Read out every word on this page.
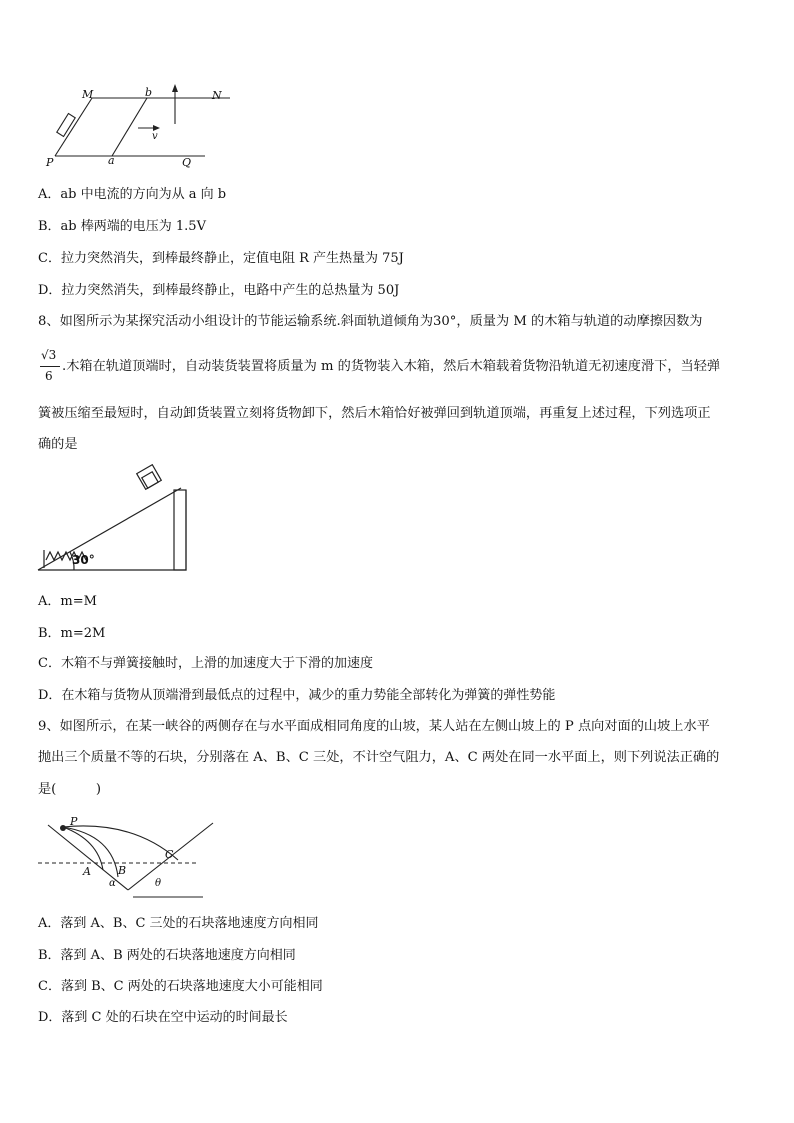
M	b	N
v
P	a	Q
A．ab 中电流的方向为从 a 向 b
B．ab 棒两端的电压为 1.5V
C．拉力突然消失，到棒最终静止，定值电阻 R 产生热量为 75J
D．拉力突然消失，到棒最终静止，电路中产生的总热量为 50J
8、如图所示为某探究活动小组设计的节能运输系统.斜面轨道倾角为30°，质量为 M 的木箱与轨道的动摩擦因数为
√3
6
.木箱在轨道顶端时，自动装货装置将质量为 m 的货物装入木箱，然后木箱载着货物沿轨道无初速度滑下，当轻弹
簧被压缩至最短时，自动卸货装置立刻将货物卸下，然后木箱恰好被弹回到轨道顶端，再重复上述过程，下列选项正
确的是
30°
A．m=M
B．m=2M
C．木箱不与弹簧接触时，上滑的加速度大于下滑的加速度
D．在木箱与货物从顶端滑到最低点的过程中，减少的重力势能全部转化为弹簧的弹性势能
9、如图所示，在某一峡谷的两侧存在与水平面成相同角度的山坡，某人站在左侧山坡上的 P 点向对面的山坡上水平
抛出三个质量不等的石块，分别落在 A、B、C 三处，不计空气阻力，A、C 两处在同一水平面上，则下列说法正确的
是(　　　)
P
A B
C
α	θ
A．落到 A、B、C 三处的石块落地速度方向相同
B．落到 A、B 两处的石块落地速度方向相同
C．落到 B、C 两处的石块落地速度大小可能相同
D．落到 C 处的石块在空中运动的时间最长
